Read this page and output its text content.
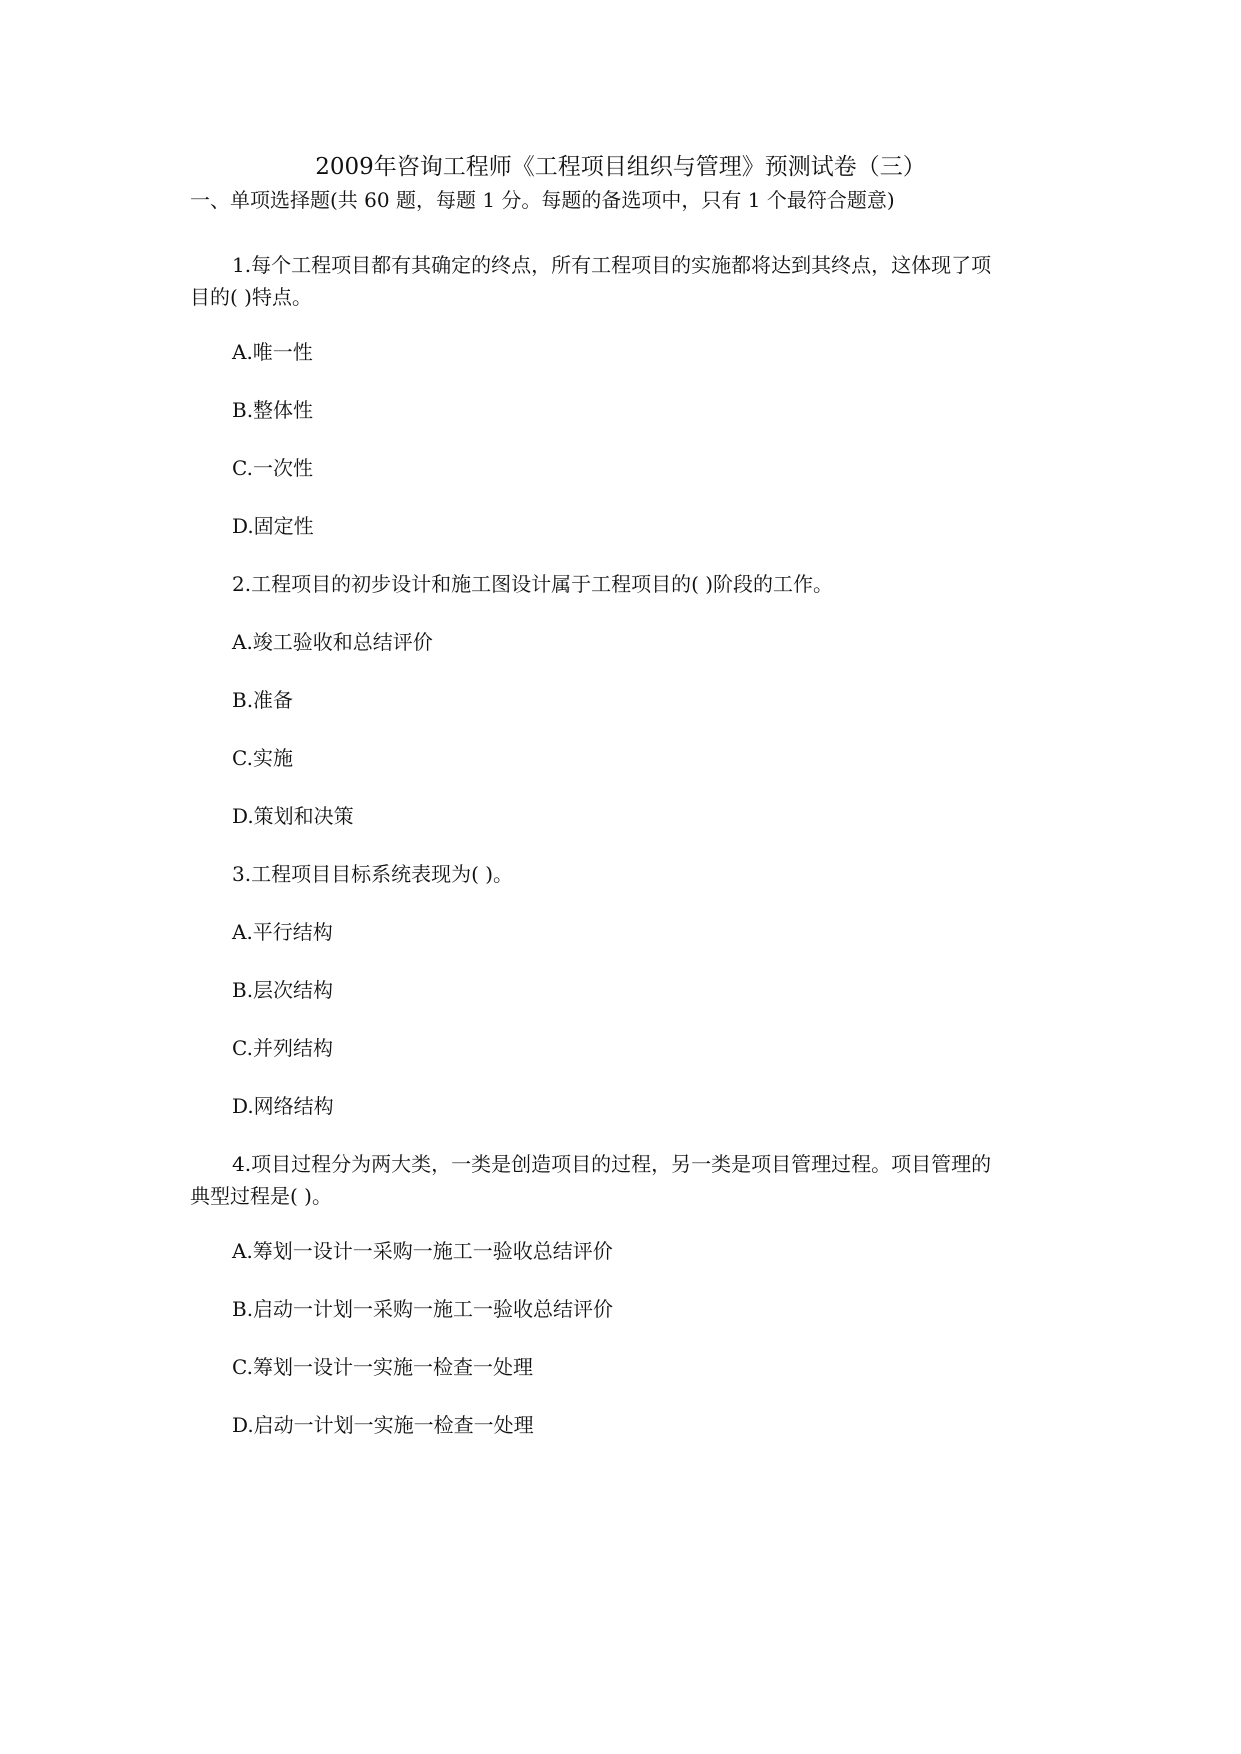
2009年咨询工程师《工程项目组织与管理》预测试卷（三）
一、单项选择题(共 60 题，每题 1 分。每题的备选项中，只有 1 个最符合题意)
1.每个工程项目都有其确定的终点，所有工程项目的实施都将达到其终点，这体现了项
目的( )特点。
A.唯一性
B.整体性
C.一次性
D.固定性
2.工程项目的初步设计和施工图设计属于工程项目的( )阶段的工作。
A.竣工验收和总结评价
B.准备
C.实施
D.策划和决策
3.工程项目目标系统表现为( )。
A.平行结构
B.层次结构
C.并列结构
D.网络结构
4.项目过程分为两大类，一类是创造项目的过程，另一类是项目管理过程。项目管理的
典型过程是( )。
A.筹划一设计一采购一施工一验收总结评价
B.启动一计划一采购一施工一验收总结评价
C.筹划一设计一实施一检查一处理
D.启动一计划一实施一检查一处理
